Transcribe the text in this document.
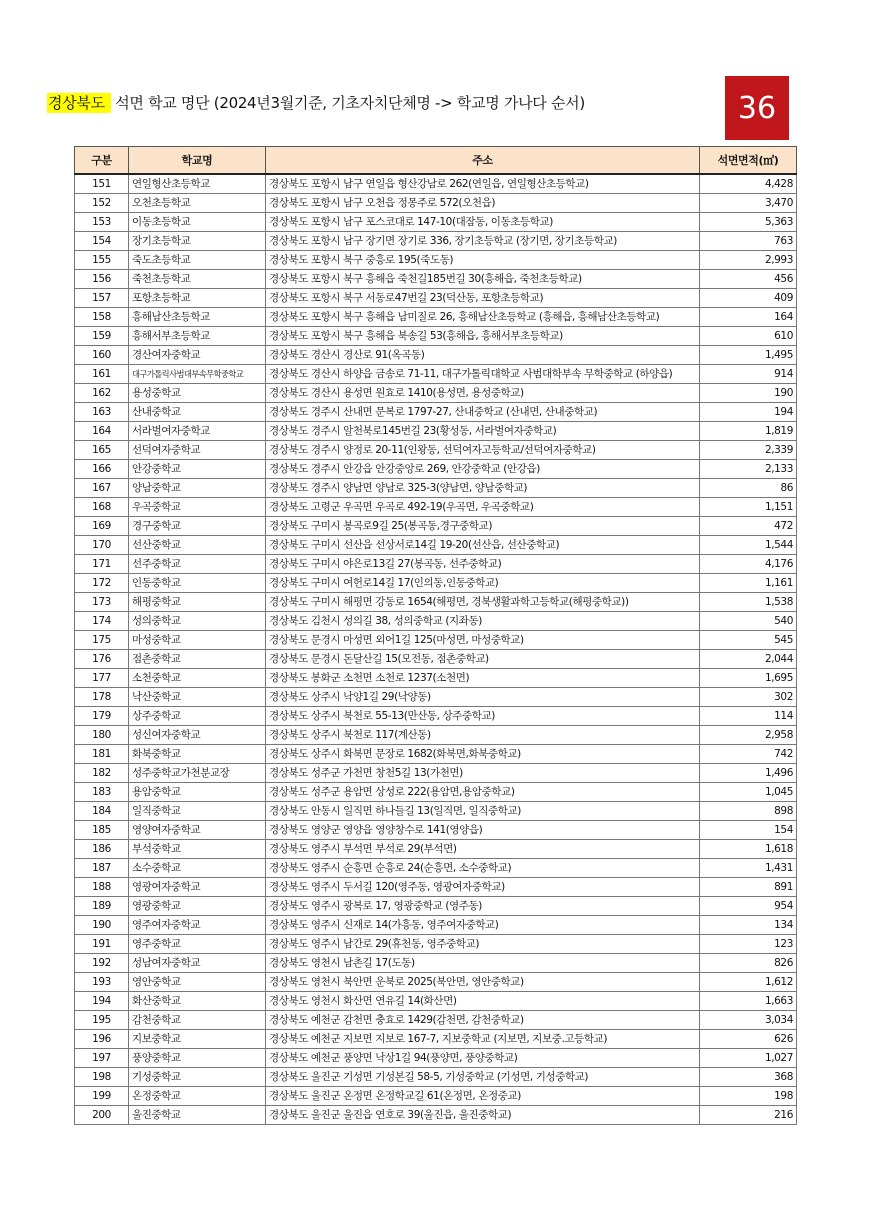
경상북도 석면 학교 명단 (2024년3월기준, 기초자치단체명 -> 학교명 가나다 순서)	36
구분	학교명	주소	석면면적(㎡)
151	연일형산초등학교	경상북도 포항시 남구 연일읍 형산강남로 262(연일읍, 연일형산초등학교)	4,428
152	오천초등학교	경상북도 포항시 남구 오천읍 정몽주로 572(오천읍)	3,470
153	이동초등학교	경상북도 포항시 남구 포스코대로 147-10(대잠동, 이동초등학교)	5,363
154	장기초등학교	경상북도 포항시 남구 장기면 장기로 336, 장기초등학교 (장기면, 장기초등학교)	763
155	죽도초등학교	경상북도 포항시 북구 중흥로 195(죽도동)	2,993
156	죽천초등학교	경상북도 포항시 북구 흥해읍 죽천길185번길 30(흥해읍, 죽천초등학교)	456
157	포항초등학교	경상북도 포항시 북구 서동로47번길 23(덕산동, 포항초등학교)	409
158	흥해남산초등학교	경상북도 포항시 북구 흥해읍 남미질로 26, 흥해남산초등학교 (흥해읍, 흥해남산초등학교)	164
159	흥해서부초등학교	경상북도 포항시 북구 흥해읍 북송길 53(흥해읍, 흥해서부초등학교)	610
160	경산여자중학교	경상북도 경산시 경산로 91(옥곡동)	1,495
161	대구가톨릭사범대부속무학중학교	경상북도 경산시 하양읍 금송로 71-11, 대구가톨릭대학교 사범대학부속 무학중학교 (하양읍)	914
162	용성중학교	경상북도 경산시 용성면 원효로 1410(용성면, 용성중학교)	190
163	산내중학교	경상북도 경주시 산내면 문복로 1797-27, 산내중학교 (산내면, 산내중학교)	194
164	서라벌여자중학교	경상북도 경주시 알천북로145번길 23(황성동, 서라벌여자중학교)	1,819
165	선덕여자중학교	경상북도 경주시 양정로 20-11(인왕동, 선덕여자고등학교/선덕여자중학교)	2,339
166	안강중학교	경상북도 경주시 안강읍 안강중앙로 269, 안강중학교 (안강읍)	2,133
167	양남중학교	경상북도 경주시 양남면 양남로 325-3(양남면, 양남중학교)	86
168	우곡중학교	경상북도 고령군 우곡면 우곡로 492-19(우곡면, 우곡중학교)	1,151
169	경구중학교	경상북도 구미시 봉곡로9길 25(봉곡동,경구중학교)	472
170	선산중학교	경상북도 구미시 선산읍 선상서로14길 19-20(선산읍, 선산중학교)	1,544
171	선주중학교	경상북도 구미시 야은로13길 27(봉곡동, 선주중학교)	4,176
172	인동중학교	경상북도 구미시 여헌로14길 17(인의동,인동중학교)	1,161
173	해평중학교	경상북도 구미시 해평면 강동로 1654(해평면, 경북생활과학고등학교(해평중학교))	1,538
174	성의중학교	경상북도 김천시 성의길 38, 성의중학교 (지좌동)	540
175	마성중학교	경상북도 문경시 마성면 외어1길 125(마성면, 마성중학교)	545
176	점촌중학교	경상북도 문경시 돈달산길 15(모전동, 점촌중학교)	2,044
177	소천중학교	경상북도 봉화군 소천면 소천로 1237(소천면)	1,695
178	낙산중학교	경상북도 상주시 낙양1길 29(낙양동)	302
179	상주중학교	경상북도 상주시 북천로 55-13(만산동, 상주중학교)	114
180	성신여자중학교	경상북도 상주시 북천로 117(계산동)	2,958
181	화북중학교	경상북도 상주시 화북면 문장로 1682(화북면,화북중학교)	742
182	성주중학교가천분교장	경상북도 성주군 가천면 창천5길 13(가천면)	1,496
183	용암중학교	경상북도 성주군 용암면 상성로 222(용암면,용암중학교)	1,045
184	일직중학교	경상북도 안동시 일직면 하나들길 13(일직면, 일직중학교)	898
185	영양여자중학교	경상북도 영양군 영양읍 영양창수로 141(영양읍)	154
186	부석중학교	경상북도 영주시 부석면 부석로 29(부석면)	1,618
187	소수중학교	경상북도 영주시 순흥면 순흥로 24(순흥면, 소수중학교)	1,431
188	영광여자중학교	경상북도 영주시 두서길 120(영주동, 영광여자중학교)	891
189	영광중학교	경상북도 영주시 광복로 17, 영광중학교 (영주동)	954
190	영주여자중학교	경상북도 영주시 신재로 14(가흥동, 영주여자중학교)	134
191	영주중학교	경상북도 영주시 남간로 29(휴천동, 영주중학교)	123
192	성남여자중학교	경상북도 영천시 남촌길 17(도동)	826
193	영안중학교	경상북도 영천시 북안면 운북로 2025(북안면, 영안중학교)	1,612
194	화산중학교	경상북도 영천시 화산면 연유길 14(화산면)	1,663
195	감천중학교	경상북도 예천군 감천면 충효로 1429(감천면, 감천중학교)	3,034
196	지보중학교	경상북도 예천군 지보면 지보로 167-7, 지보중학교 (지보면, 지보중.고등학교)	626
197	풍양중학교	경상북도 예천군 풍양면 낙상1길 94(풍양면, 풍양중학교)	1,027
198	기성중학교	경상북도 울진군 기성면 기성본길 58-5, 기성중학교 (기성면, 기성중학교)	368
199	온정중학교	경상북도 울진군 온정면 온정학교길 61(온정면, 온정중교)	198
200	울진중학교	경상북도 울진군 울진읍 연호로 39(울진읍, 울진중학교)	216
